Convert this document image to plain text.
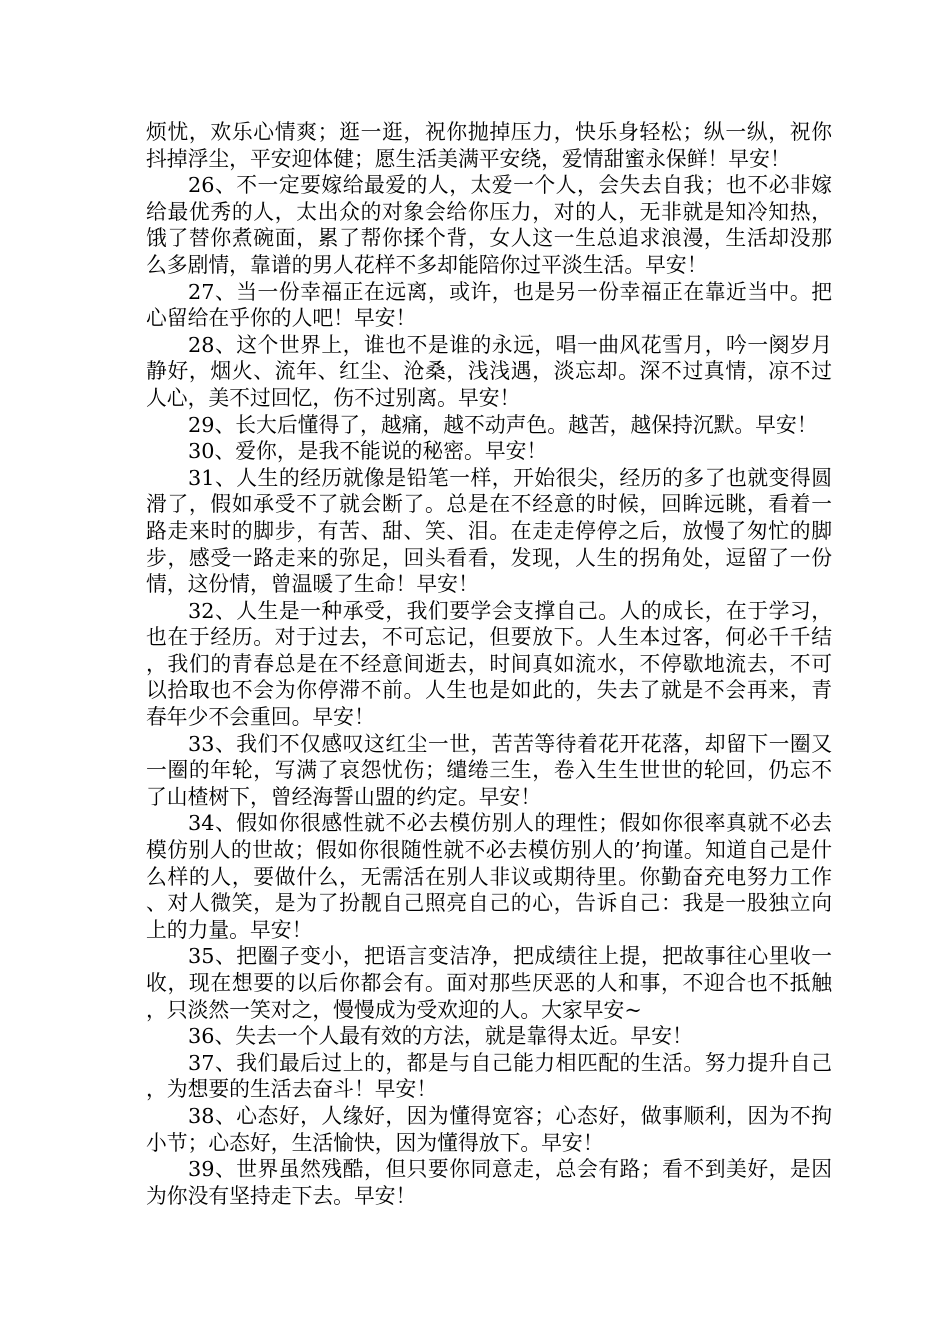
烦忧，欢乐心情爽；逛一逛，祝你抛掉压力，快乐身轻松；纵一纵，祝你抖掉浮尘，平安迎体健；愿生活美满平安绕，爱情甜蜜永保鲜！早安！

26、不一定要嫁给最爱的人，太爱一个人，会失去自我；也不必非嫁给最优秀的人，太出众的对象会给你压力，对的人，无非就是知冷知热，饿了替你煮碗面，累了帮你揉个背，女人这一生总追求浪漫，生活却没那么多剧情，靠谱的男人花样不多却能陪你过平淡生活。早安！

27、当一份幸福正在远离，或许，也是另一份幸福正在靠近当中。把心留给在乎你的人吧！早安！

28、这个世界上，谁也不是谁的永远，唱一曲风花雪月，吟一阕岁月静好，烟火、流年、红尘、沧桑，浅浅遇，淡忘却。深不过真情，凉不过人心，美不过回忆，伤不过别离。早安！

29、长大后懂得了，越痛，越不动声色。越苦，越保持沉默。早安！

30、爱你，是我不能说的秘密。早安！

31、人生的经历就像是铅笔一样，开始很尖，经历的多了也就变得圆滑了，假如承受不了就会断了。总是在不经意的时候，回眸远眺，看着一路走来时的脚步，有苦、甜、笑、泪。在走走停停之后，放慢了匆忙的脚步，感受一路走来的弥足，回头看看，发现，人生的拐角处，逗留了一份情，这份情，曾温暖了生命！早安！

32、人生是一种承受，我们要学会支撑自己。人的成长，在于学习，也在于经历。对于过去，不可忘记，但要放下。人生本过客，何必千千结，我们的青春总是在不经意间逝去，时间真如流水，不停歇地流去，不可以拾取也不会为你停滞不前。人生也是如此的，失去了就是不会再来，青春年少不会重回。早安！

33、我们不仅感叹这红尘一世，苦苦等待着花开花落，却留下一圈又一圈的年轮，写满了哀怨忧伤；缱绻三生，卷入生生世世的轮回，仍忘不了山楂树下，曾经海誓山盟的约定。早安！

34、假如你很感性就不必去模仿别人的理性；假如你很率真就不必去模仿别人的世故；假如你很随性就不必去模仿别人的’拘谨。知道自己是什么样的人，要做什么，无需活在别人非议或期待里。你勤奋充电努力工作、对人微笑，是为了扮靓自己照亮自己的心，告诉自己：我是一股独立向上的力量。早安！

35、把圈子变小，把语言变洁净，把成绩往上提，把故事往心里收一收，现在想要的以后你都会有。面对那些厌恶的人和事，不迎合也不抵触，只淡然一笑对之，慢慢成为受欢迎的人。大家早安~

36、失去一个人最有效的方法，就是靠得太近。早安！

37、我们最后过上的，都是与自己能力相匹配的生活。努力提升自己，为想要的生活去奋斗！早安！

38、心态好，人缘好，因为懂得宽容；心态好，做事顺利，因为不拘小节；心态好，生活愉快，因为懂得放下。早安！

39、世界虽然残酷，但只要你同意走，总会有路；看不到美好，是因为你没有坚持走下去。早安！
